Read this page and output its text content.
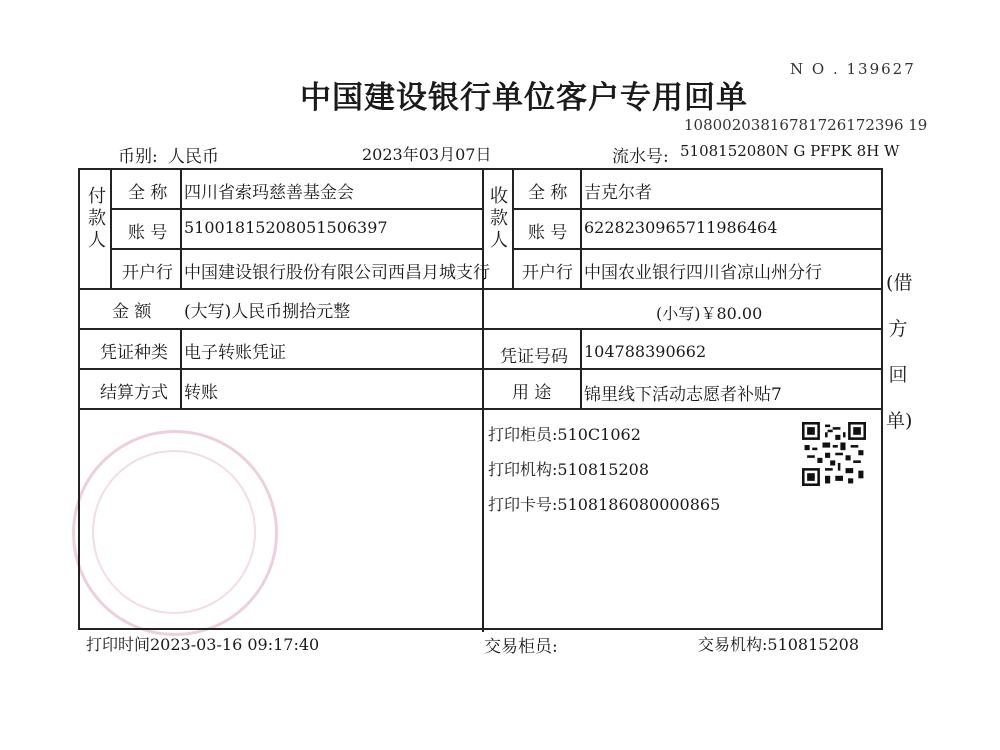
中国建设银行单位客户专用回单
N O . 139627
10800203816781726172396 19
币别: 人民币	2023年03月07日	流水号: 5108152080N G PFPK 8H W
付款人
全 称 四川省索玛慈善基金会
账 号 51001815208051506397
开户行 中国建设银行股份有限公司西昌月城支行
收款人
全 称 吉克尔者
账 号 6228230965711986464
开户行 中国农业银行四川省凉山州分行
金 额 (大写)人民币捌拾元整	(小写)￥80.00
凭证种类 电子转账凭证	凭证号码 104788390662
结算方式 转账	用 途 锦里线下活动志愿者补贴7
打印柜员:510C1062
打印机构:510815208
打印卡号:5108186080000865
(借方回单)
打印时间2023-03-16 09:17:40	交易柜员:	交易机构:510815208
